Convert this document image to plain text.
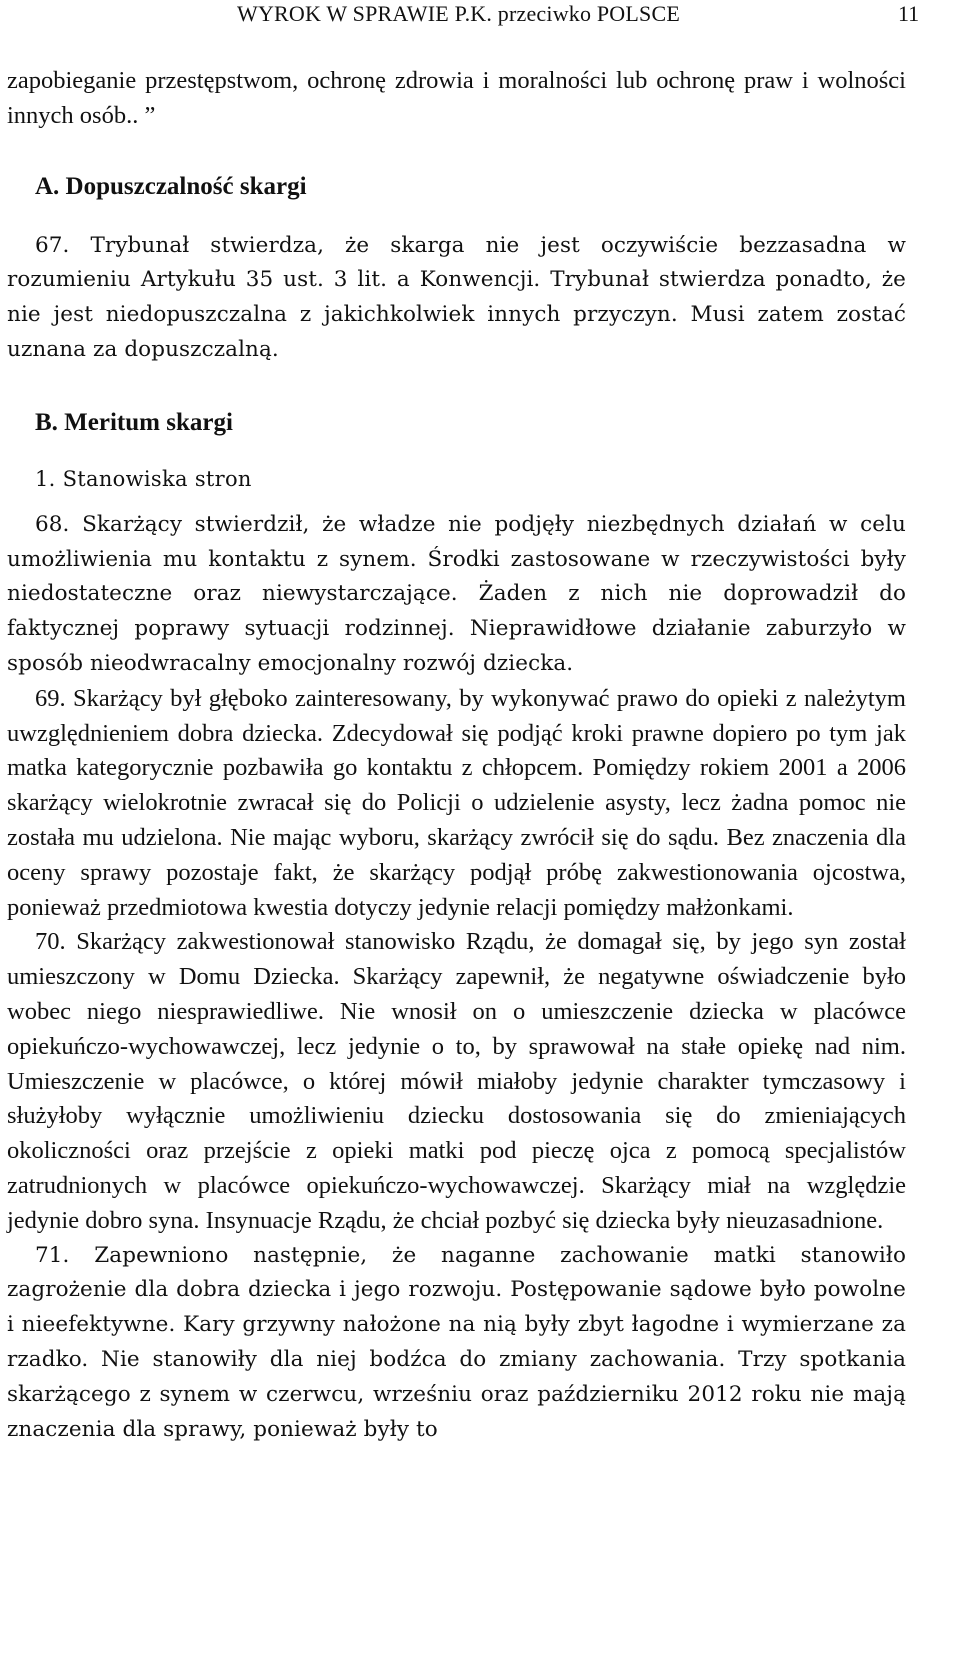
WYROK W SPRAWIE P.K. przeciwko POLSCE	11

zapobieganie przestępstwom, ochronę zdrowia i moralności lub ochronę praw i wolności innych osób.. ”

A. Dopuszczalność skargi

67. Trybunał stwierdza, że skarga nie jest oczywiście bezzasadna w rozumieniu Artykułu 35 ust. 3 lit. a Konwencji. Trybunał stwierdza ponadto, że nie jest niedopuszczalna z jakichkolwiek innych przyczyn. Musi zatem zostać uznana za dopuszczalną.

B. Meritum skargi

1. Stanowiska stron

68. Skarżący stwierdził, że władze nie podjęły niezbędnych działań w celu umożliwienia mu kontaktu z synem. Środki zastosowane w rzeczywistości były niedostateczne oraz niewystarczające. Żaden z nich nie doprowadził do faktycznej poprawy sytuacji rodzinnej. Nieprawidłowe działanie zaburzyło w sposób nieodwracalny emocjonalny rozwój dziecka.

69. Skarżący był głęboko zainteresowany, by wykonywać prawo do opieki z należytym uwzględnieniem dobra dziecka. Zdecydował się podjąć kroki prawne dopiero po tym jak matka kategorycznie pozbawiła go kontaktu z chłopcem. Pomiędzy rokiem 2001 a 2006 skarżący wielokrotnie zwracał się do Policji o udzielenie asysty, lecz żadna pomoc nie została mu udzielona. Nie mając wyboru, skarżący zwrócił się do sądu. Bez znaczenia dla oceny sprawy pozostaje fakt, że skarżący podjął próbę zakwestionowania ojcostwa, ponieważ przedmiotowa kwestia dotyczy jedynie relacji pomiędzy małżonkami.

70. Skarżący zakwestionował stanowisko Rządu, że domagał się, by jego syn został umieszczony w Domu Dziecka. Skarżący zapewnił, że negatywne oświadczenie było wobec niego niesprawiedliwe. Nie wnosił on o umieszczenie dziecka w placówce opiekuńczo-wychowawczej, lecz jedynie o to, by sprawował na stałe opiekę nad nim. Umieszczenie w placówce, o której mówił miałoby jedynie charakter tymczasowy i służyłoby wyłącznie umożliwieniu dziecku dostosowania się do zmieniających okoliczności oraz przejście z opieki matki pod pieczę ojca z pomocą specjalistów zatrudnionych w placówce opiekuńczo-wychowawczej. Skarżący miał na względzie jedynie dobro syna. Insynuacje Rządu, że chciał pozbyć się dziecka były nieuzasadnione.

71. Zapewniono następnie, że naganne zachowanie matki stanowiło zagrożenie dla dobra dziecka i jego rozwoju. Postępowanie sądowe było powolne i nieefektywne. Kary grzywny nałożone na nią były zbyt łagodne i wymierzane za rzadko. Nie stanowiły dla niej bodźca do zmiany zachowania. Trzy spotkania skarżącego z synem w czerwcu, wrześniu oraz październiku 2012 roku nie mają znaczenia dla sprawy, ponieważ były to
